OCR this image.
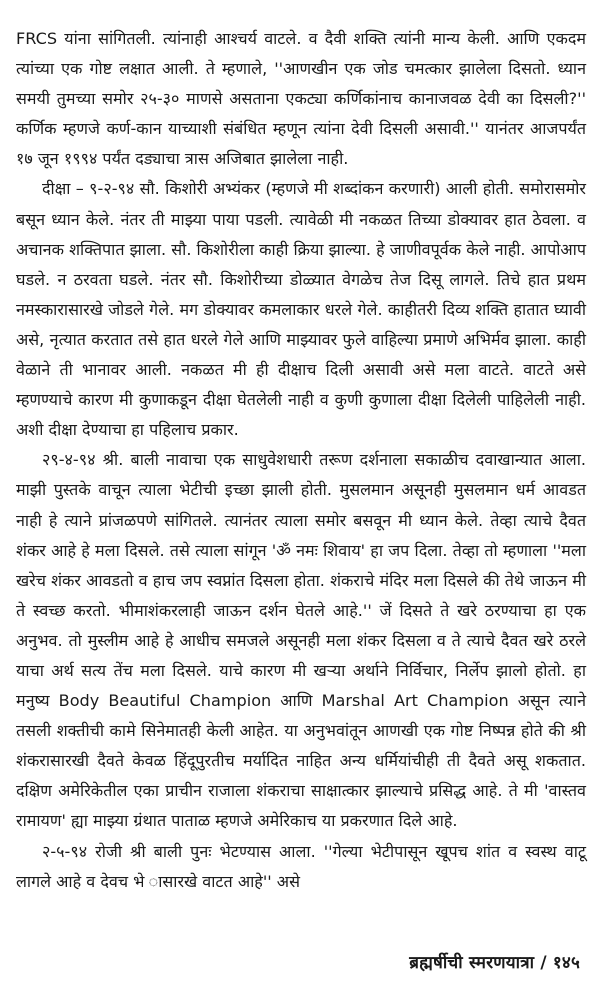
FRCS यांना सांगितली. त्यांनाही आश्चर्य वाटले. व दैवी शक्ति त्यांनी मान्य केली. आणि एकदम त्यांच्या एक गोष्ट लक्षात आली. ते म्हणाले, ''आणखीन एक जोड चमत्कार झालेला दिसतो. ध्यान समयी तुमच्या समोर २५-३० माणसे असताना एकट्या कर्णिकांनाच कानाजवळ देवी का दिसली?'' कर्णिक म्हणजे कर्ण-कान याच्याशी संबंधित म्हणून त्यांना देवी दिसली असावी.'' यानंतर आजपर्यंत १७ जून १९९४ पर्यंत दड्याचा त्रास अजिबात झालेला नाही.

दीक्षा – ९-२-९४ सौ. किशोरी अभ्यंकर (म्हणजे मी शब्दांकन करणारी) आली होती. समोरासमोर बसून ध्यान केले. नंतर ती माझ्या पाया पडली. त्यावेळी मी नकळत तिच्या डोक्यावर हात ठेवला. व अचानक शक्तिपात झाला. सौ. किशोरीला काही क्रिया झाल्या. हे जाणीवपूर्वक केले नाही. आपोआप घडले. न ठरवता घडले. नंतर सौ. किशोरीच्या डोळ्यात वेगळेच तेज दिसू लागले. तिचे हात प्रथम नमस्कारासारखे जोडले गेले. मग डोक्यावर कमलाकार धरले गेले. काहीतरी दिव्य शक्ति हातात घ्यावी असे, नृत्यात करतात तसे हात धरले गेले आणि माझ्यावर फुले वाहिल्या प्रमाणे अभिर्मव झाला. काही वेळाने ती भानावर आली. नकळत मी ही दीक्षाच दिली असावी असे मला वाटते. वाटते असे म्हणण्याचे कारण मी कुणाकडून दीक्षा घेतलेली नाही व कुणी कुणाला दीक्षा दिलेली पाहिलेली नाही. अशी दीक्षा देण्याचा हा पहिलाच प्रकार.

२९-४-९४ श्री. बाली नावाचा एक साधुवेशधारी तरूण दर्शनाला सकाळीच दवाखान्यात आला. माझी पुस्तके वाचून त्याला भेटीची इच्छा झाली होती. मुसलमान असूनही मुसलमान धर्म आवडत नाही हे त्याने प्रांजळपणे सांगितले. त्यानंतर त्याला समोर बसवून मी ध्यान केले. तेव्हा त्याचे दैवत शंकर आहे हे मला दिसले. तसे त्याला सांगून 'ॐ नमः शिवाय' हा जप दिला. तेव्हा तो म्हणाला ''मला खरेच शंकर आवडतो व हाच जप स्वप्नांत दिसला होता. शंकराचे मंदिर मला दिसले की तेथे जाऊन मी ते स्वच्छ करतो. भीमाशंकरलाही जाऊन दर्शन घेतले आहे.'' जें दिसते ते खरे ठरण्याचा हा एक अनुभव. तो मुस्लीम आहे हे आधीच समजले असूनही मला शंकर दिसला व ते त्याचे दैवत खरे ठरले याचा अर्थ सत्य तेंच मला दिसले. याचे कारण मी खऱ्या अर्थाने निर्विचार, निर्लेप झालो होतो. हा मनुष्य Body Beautiful Champion आणि Marshal Art Champion असून त्याने तसली शक्तीची कामे सिनेमातही केली आहेत. या अनुभवांतून आणखी एक गोष्ट निष्पन्न होते की श्री शंकरासारखी दैवते केवळ हिंदूपुरतीच मर्यादित नाहित अन्य धर्मियांचीही ती दैवते असू शकतात. दक्षिण अमेरिकेतील एका प्राचीन राजाला शंकराचा साक्षात्कार झाल्याचे प्रसिद्ध आहे. ते मी 'वास्तव रामायण' ह्या माझ्या ग्रंथात पाताळ म्हणजे अमेरिकाच या प्रकरणात दिले आहे.

२-५-९४ रोजी श्री बाली पुनः भेटण्यास आला. ''गेल्या भेटीपासून खूपच शांत व स्वस्थ वाटू लागले आहे व देवच भे ासारखे वाटत आहे'' असे

ब्रह्मर्षीची स्मरणयात्रा / १४५
